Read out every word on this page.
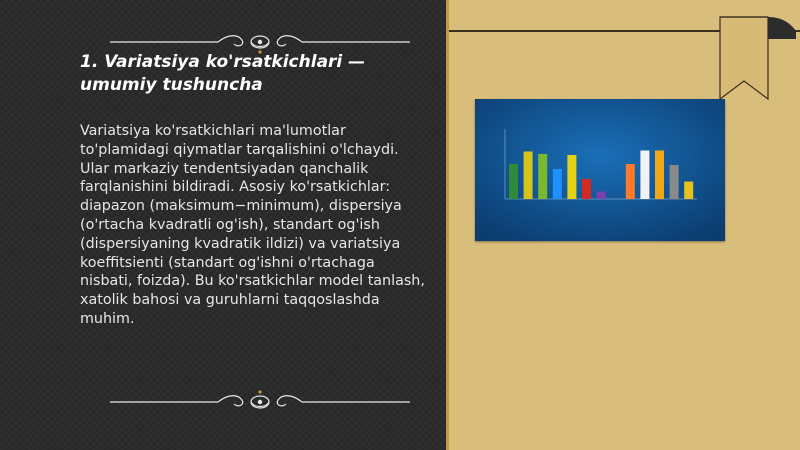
1. Variatsiya ko'rsatkichlari — umumiy tushuncha

Variatsiya ko'rsatkichlari ma'lumotlar to'plamidagi qiymatlar tarqalishini o'lchaydi. Ular markaziy tendentsiyadan qanchalik farqlanishini bildiradi. Asosiy ko'rsatkichlar: diapazon (maksimum−minimum), dispersiya (o'rtacha kvadratli og'ish), standart og'ish (dispersiyaning kvadratik ildizi) va variatsiya koeffitsienti (standart og'ishni o'rtachaga nisbati, foizda). Bu ko'rsatkichlar model tanlash, xatolik bahosi va guruhlarni taqqoslashda muhim.
